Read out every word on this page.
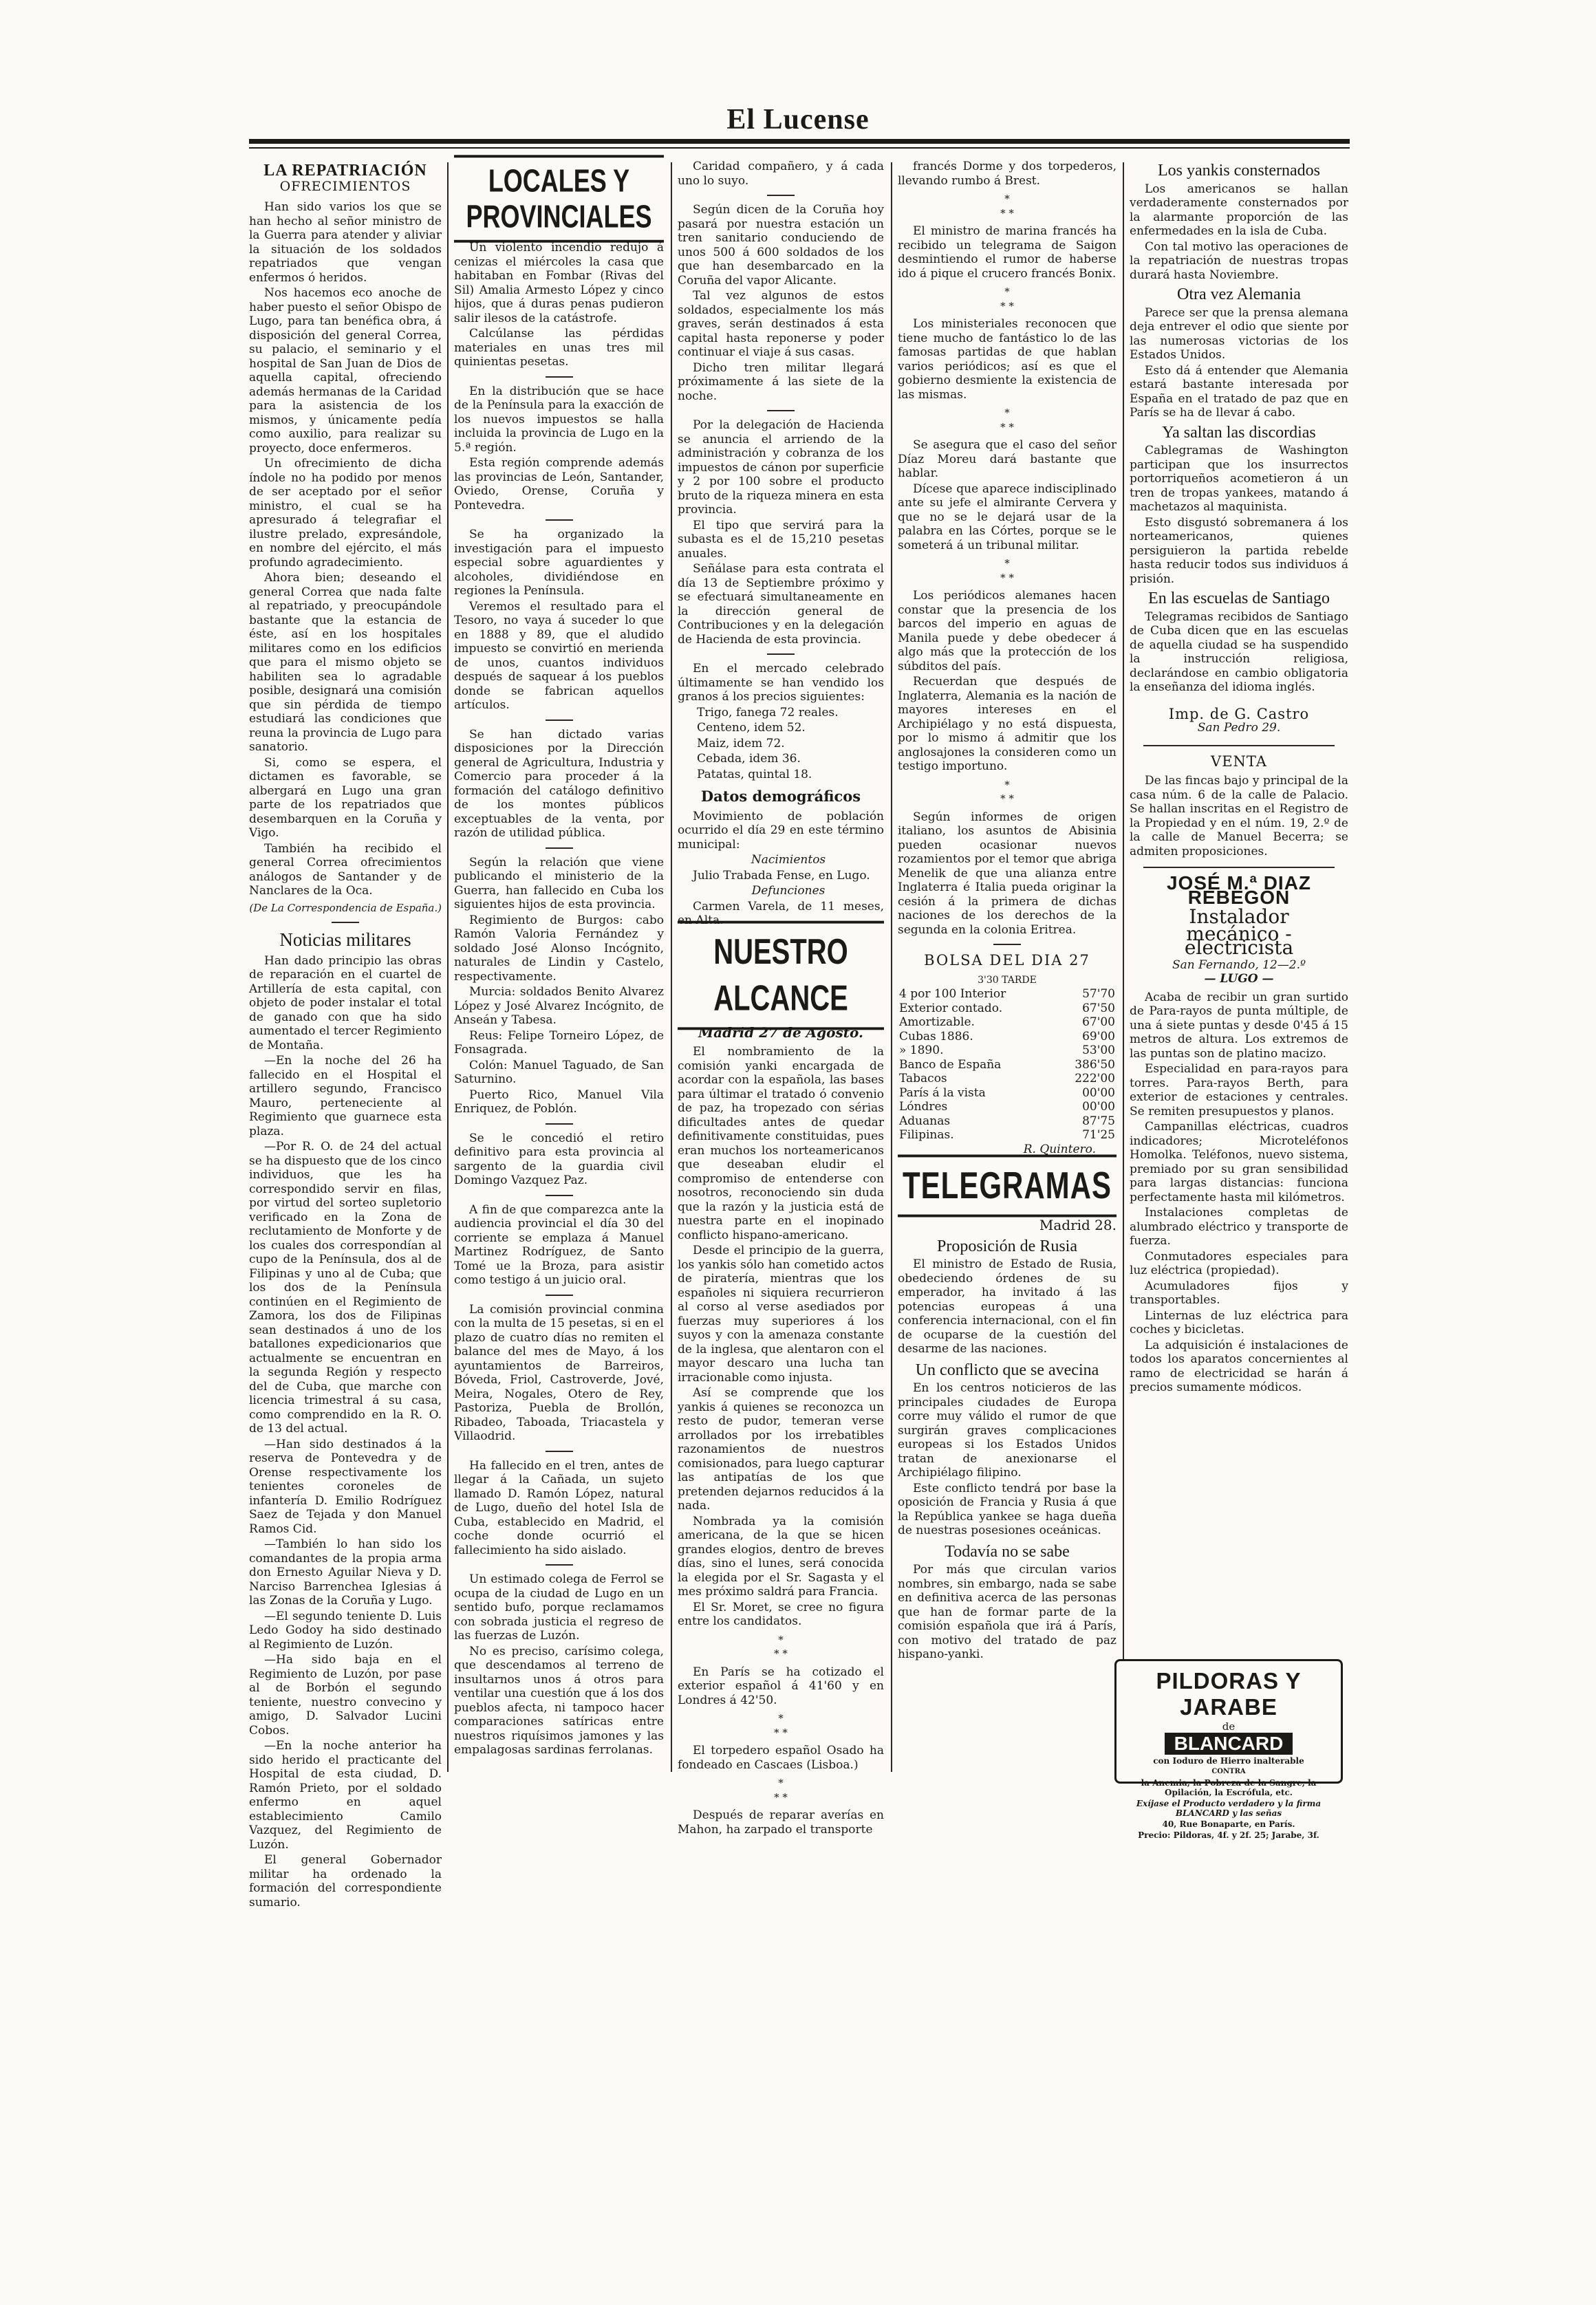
El Lucense
LA REPATRIACIÓN
OFRECIMIENTOS

Han sido varios los que se han hecho al señor ministro de la Guerra para atender y aliviar la situación de los soldados repatriados que vengan enfermos ó heridos.

Nos hacemos eco anoche de haber puesto el señor Obispo de Lugo, para tan benéfica obra, á disposición del general Correa, su palacio, el seminario y el hospital de San Juan de Dios de aquella capital, ofreciendo además hermanas de la Caridad para la asistencia de los mismos, y únicamente pedía como auxilio, para realizar su proyecto, doce enfermeros.

Un ofrecimiento de dicha índole no ha podido por menos de ser aceptado por el señor ministro, el cual se ha apresurado á telegrafiar el ilustre prelado, expresándole, en nombre del ejército, el más profundo agradecimiento.

Ahora bien; deseando el general Correa que nada falte al repatriado, y preocupándole bastante que la estancia de éste, así en los hospitales militares como en los edificios que para el mismo objeto se habiliten sea lo agradable posible, designará una comisión que sin pérdida de tiempo estudiará las condiciones que reuna la provincia de Lugo para sanatorio.

Si, como se espera, el dictamen es favorable, se albergará en Lugo una gran parte de los repatriados que desembarquen en la Coruña y Vigo.

También ha recibido el general Correa ofrecimientos análogos de Santander y de Nanclares de la Oca.

(De La Correspondencia de España.)
Noticias militares

Han dado principio las obras de reparación en el cuartel de Artillería de esta capital, con objeto de poder instalar el total de ganado con que ha sido aumentado el tercer Regimiento de Montaña.

—En la noche del 26 ha fallecido en el Hospital el artillero segundo, Francisco Mauro, perteneciente al Regimiento que guarnece esta plaza.

—Por R. O. de 24 del actual se ha dispuesto que de los cinco individuos, que les ha correspondido servir en filas, por virtud del sorteo supletorio verificado en la Zona de reclutamiento de Monforte y de los cuales dos correspondían al cupo de la Península, dos al de Filipinas y uno al de Cuba; que los dos de la Península continúen en el Regimiento de Zamora, los dos de Filipinas sean destinados á uno de los batallones expedicionarios que actualmente se encuentran en la segunda Región y respecto del de Cuba, que marche con licencia trimestral á su casa, como comprendido en la R. O. de 13 del actual.

—Han sido destinados á la reserva de Pontevedra y de Orense respectivamente los tenientes coroneles de infantería D. Emilio Rodríguez Saez de Tejada y don Manuel Ramos Cid.

—También lo han sido los comandantes de la propia arma don Ernesto Aguilar Nieva y D. Narciso Barrenchea Iglesias á las Zonas de la Coruña y Lugo.

—El segundo teniente D. Luis Ledo Godoy ha sido destinado al Regimiento de Luzón.

—Ha sido baja en el Regimiento de Luzón, por pase al de Borbón el segundo teniente, nuestro convecino y amigo, D. Salvador Lucini Cobos.

—En la noche anterior ha sido herido el practicante del Hospital de esta ciudad, D. Ramón Prieto, por el soldado enfermo en aquel establecimiento Camilo Vazquez, del Regimiento de Luzón.

El general Gobernador militar ha ordenado la formación del correspondiente sumario.

LOCALES Y PROVINCIALES

Un violento incendio redujo á cenizas el miércoles la casa que habitaban en Fombar (Rivas del Sil) Amalia Armesto López y cinco hijos, que á duras penas pudieron salir ilesos de la catástrofe.

Calcúlanse las pérdidas materiales en unas tres mil quinientas pesetas.

En la distribución que se hace de la Península para la exacción de los nuevos impuestos se halla incluida la provincia de Lugo en la 5.ª región.

Esta región comprende además las provincias de León, Santander, Oviedo, Orense, Coruña y Pontevedra.

Se ha organizado la investigación para el impuesto especial sobre aguardientes y alcoholes, dividiéndose en regiones la Península.

Veremos el resultado para el Tesoro, no vaya á suceder lo que en 1888 y 89, que el aludido impuesto se convirtió en merienda de unos, cuantos individuos después de saquear á los pueblos donde se fabrican aquellos artículos.

Se han dictado varias disposiciones por la Dirección general de Agricultura, Industria y Comercio para proceder á la formación del catálogo definitivo de los montes públicos exceptuables de la venta, por razón de utilidad pública.

Según la relación que viene publicando el ministerio de la Guerra, han fallecido en Cuba los siguientes hijos de esta provincia.

Regimiento de Burgos: cabo Ramón Valoria Fernández y soldado José Alonso Incógnito, naturales de Lindin y Castelo, respectivamente.

Murcia: soldados Benito Alvarez López y José Alvarez Incógnito, de Anseán y Tabesa.

Reus: Felipe Torneiro López, de Fonsagrada.

Colón: Manuel Taguado, de San Saturnino.

Puerto Rico, Manuel Vila Enriquez, de Poblón.

Se le concedió el retiro definitivo para esta provincia al sargento de la guardia civil Domingo Vazquez Paz.

A fin de que comparezca ante la audiencia provincial el día 30 del corriente se emplaza á Manuel Martinez Rodríguez, de Santo Tomé ue la Broza, para asistir como testigo á un juicio oral.

La comisión provincial conmina con la multa de 15 pesetas, si en el plazo de cuatro días no remiten el balance del mes de Mayo, á los ayuntamientos de Barreiros, Bóveda, Friol, Castroverde, Jové, Meira, Nogales, Otero de Rey, Pastoriza, Puebla de Brollón, Ribadeo, Taboada, Triacastela y Villaodrid.

Ha fallecido en el tren, antes de llegar á la Cañada, un sujeto llamado D. Ramón López, natural de Lugo, dueño del hotel Isla de Cuba, establecido en Madrid, el coche donde ocurrió el fallecimiento ha sido aislado.

Un estimado colega de Ferrol se ocupa de la ciudad de Lugo en un sentido bufo, porque reclamamos con sobrada justicia el regreso de las fuerzas de Luzón.

No es preciso, carísimo colega, que descendamos al terreno de insultarnos unos á otros para ventilar una cuestión que á los dos pueblos afecta, ni tampoco hacer comparaciones satíricas entre nuestros riquísimos jamones y las empalagosas sardinas ferrolanas.

Caridad compañero, y á cada uno lo suyo.

Según dicen de la Coruña hoy pasará por nuestra estación un tren sanitario conduciendo de unos 500 á 600 soldados de los que han desembarcado en la Coruña del vapor Alicante.

Tal vez algunos de estos soldados, especialmente los más graves, serán destinados á esta capital hasta reponerse y poder continuar el viaje á sus casas.

Dicho tren militar llegará próximamente á las siete de la noche.

Por la delegación de Hacienda se anuncia el arriendo de la administración y cobranza de los impuestos de cánon por superficie y 2 por 100 sobre el producto bruto de la riqueza minera en esta provincia.

El tipo que servirá para la subasta es el de 15,210 pesetas anuales.

Señálase para esta contrata el día 13 de Septiembre próximo y se efectuará simultaneamente en la dirección general de Contribuciones y en la delegación de Hacienda de esta provincia.

En el mercado celebrado últimamente se han vendido los granos á los precios siguientes:

Trigo, fanega 72 reales.

Centeno, idem 52.

Maiz, idem 72.

Cebada, idem 36.

Patatas, quintal 18.

Datos demográficos

Movimiento de población ocurrido el día 29 en este término municipal:

Nacimientos

Julio Trabada Fense, en Lugo.

Defunciones

Carmen Varela, de 11 meses, en Alta.

NUESTRO ALCANCE
Madrid 27 de Agosto.

El nombramiento de la comisión yanki encargada de acordar con la española, las bases para últimar el tratado ó convenio de paz, ha tropezado con sérias dificultades antes de quedar definitivamente constituidas, pues eran muchos los norteamericanos que deseaban eludir el compromiso de entenderse con nosotros, reconociendo sin duda que la razón y la justicia está de nuestra parte en el inopinado conflicto hispano-americano.

Desde el principio de la guerra, los yankis sólo han cometido actos de piratería, mientras que los españoles ni siquiera recurrieron al corso al verse asediados por fuerzas muy superiores á los suyos y con la amenaza constante de la inglesa, que alentaron con el mayor descaro una lucha tan irracionable como injusta.

Así se comprende que los yankis á quienes se reconozca un resto de pudor, temeran verse arrollados por los irrebatibles razonamientos de nuestros comisionados, para luego capturar las antipatías de los que pretenden dejarnos reducidos á la nada.

Nombrada ya la comisión americana, de la que se hicen grandes elogios, dentro de breves días, sino el lunes, será conocida la elegida por el Sr. Sagasta y el mes próximo saldrá para Francia.

El Sr. Moret, se cree no figura entre los candidatos.

*
* *

En París se ha cotizado el exterior español á 41'60 y en Londres á 42'50.

*
* *

El torpedero español Osado ha fondeado en Cascaes (Lisboa.)

*
* *

Después de reparar averías en Mahon, ha zarpado el transporte

francés Dorme y dos torpederos, llevando rumbo á Brest.

*
* *

El ministro de marina francés ha recibido un telegrama de Saigon desmintiendo el rumor de haberse ido á pique el crucero francés Bonix.

*
* *

Los ministeriales reconocen que tiene mucho de fantástico lo de las famosas partidas de que hablan varios periódicos; así es que el gobierno desmiente la existencia de las mismas.

*
* *

Se asegura que el caso del señor Díaz Moreu dará bastante que hablar.

Dícese que aparece indisciplinado ante su jefe el almirante Cervera y que no se le dejará usar de la palabra en las Córtes, porque se le someterá á un tribunal militar.

*
* *

Los periódicos alemanes hacen constar que la presencia de los barcos del imperio en aguas de Manila puede y debe obedecer á algo más que la protección de los súbditos del país.

Recuerdan que después de Inglaterra, Alemania es la nación de mayores intereses en el Archipiélago y no está dispuesta, por lo mismo á admitir que los anglosajones la consideren como un testigo importuno.

*
* *

Según informes de origen italiano, los asuntos de Abisinia pueden ocasionar nuevos rozamientos por el temor que abriga Menelik de que una alianza entre Inglaterra é Italia pueda originar la cesión á la primera de dichas naciones de los derechos de la segunda en la colonia Eritrea.

BOLSA DEL DIA 27
3'30 TARDE
4 por 100 Interior	57'70
Exterior contado.	67'50
Amortizable.	67'00
Cubas 1886.	69'00
» 1890.	53'00
Banco de España	386'50
Tabacos	222'00
París á la vista	00'00
Lóndres	00'00
Aduanas	87'75
Filipinas.	71'25
R. Quintero.
TELEGRAMAS
Madrid 28.
Proposición de Rusia

El ministro de Estado de Rusia, obedeciendo órdenes de su emperador, ha invitado á las potencias europeas á una conferencia internacional, con el fin de ocuparse de la cuestión del desarme de las naciones.

Un conflicto que se avecina

En los centros noticieros de las principales ciudades de Europa corre muy válido el rumor de que surgirán graves complicaciones europeas si los Estados Unidos tratan de anexionarse el Archipiélago filipino.

Este conflicto tendrá por base la oposición de Francia y Rusia á que la República yankee se haga dueña de nuestras posesiones oceánicas.

Todavía no se sabe

Por más que circulan varios nombres, sin embargo, nada se sabe en definitiva acerca de las personas que han de formar parte de la comisión española que irá á París, con motivo del tratado de paz hispano-yanki.

Los yankis consternados

Los americanos se hallan verdaderamente consternados por la alarmante proporción de las enfermedades en la isla de Cuba.

Con tal motivo las operaciones de la repatriación de nuestras tropas durará hasta Noviembre.

Otra vez Alemania

Parece ser que la prensa alemana deja entrever el odio que siente por las numerosas victorias de los Estados Unidos.

Esto dá á entender que Alemania estará bastante interesada por España en el tratado de paz que en París se ha de llevar á cabo.

Ya saltan las discordias

Cablegramas de Washington participan que los insurrectos portorriqueños acometieron á un tren de tropas yankees, matando á machetazos al maquinista.

Esto disgustó sobremanera á los norteamericanos, quienes persiguieron la partida rebelde hasta reducir todos sus individuos á prisión.

En las escuelas de Santiago

Telegramas recibidos de Santiago de Cuba dicen que en las escuelas de aquella ciudad se ha suspendido la instrucción religiosa, declarándose en cambio obligatoria la enseñanza del idioma inglés.

Imp. de G. Castro
San Pedro 29.
VENTA

De las fincas bajo y principal de la casa núm. 6 de la calle de Palacio. Se hallan inscritas en el Registro de la Propiedad y en el núm. 19, 2.º de la calle de Manuel Becerra; se admiten proposiciones.

JOSÉ M.ª DIAZ REBEGON
Instalador
mecánico - electricista
San Fernando, 12—2.º
— LUGO —

Acaba de recibir un gran surtido de Para-rayos de punta múltiple, de una á siete puntas y desde 0'45 á 15 metros de altura. Los extremos de las puntas son de platino macizo.

Especialidad en para-rayos para torres. Para-rayos Berth, para exterior de estaciones y centrales. Se remiten presupuestos y planos.

Campanillas eléctricas, cuadros indicadores; Microteléfonos Homolka. Teléfonos, nuevo sistema, premiado por su gran sensibilidad para largas distancias: funciona perfectamente hasta mil kilómetros.

Instalaciones completas de alumbrado eléctrico y transporte de fuerza.

Conmutadores especiales para luz eléctrica (propiedad).

Acumuladores fijos y transportables.

Linternas de luz eléctrica para coches y bicicletas.

La adquisición é instalaciones de todos los aparatos concernientes al ramo de electricidad se harán á precios sumamente módicos.

PILDORAS Y JARABE
de
BLANCARD
con Ioduro de Hierro inalterable
CONTRA
la Anemia, la Pobreza de la Sangre, la Opilación, la Escrófula, etc.
Exíjase el Producto verdadero y la firma BLANCARD y las señas
40, Rue Bonaparte, en París.
Precio: Pildoras, 4f. y 2f. 25; Jarabe, 3f.
